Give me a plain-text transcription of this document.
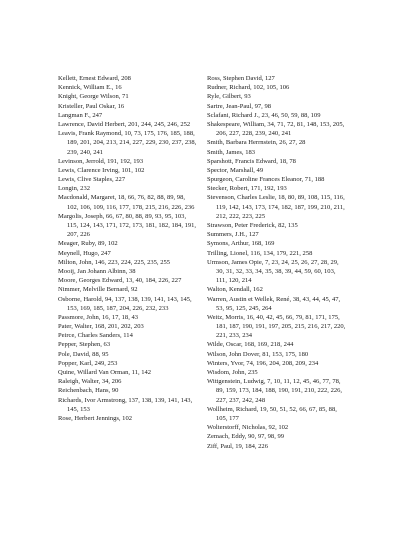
Kellett, Ernest Edward, 208
Kennick, William E., 16
Knight, George Wilson, 71
Kristeller, Paul Oskar, 16
Langman F., 247
Lawrence, David Herbert, 201, 244, 245, 246, 252
Leavis, Frank Raymond, 10, 73, 175, 176, 185, 188, 189, 201, 204, 213, 214, 227, 229, 230, 237, 238, 239, 240, 241
Levinson, Jerrold, 191, 192, 193
Lewis, Clarence Irving, 101, 102
Lewis, Clive Staples, 227
Longin, 232
Macdonald, Margaret, 18, 66, 76, 82, 88, 89, 98, 102, 106, 109, 116, 177, 178, 215, 216, 226, 236
Margolis, Joseph, 66, 67, 80, 88, 89, 93, 95, 103, 115, 124, 143, 171, 172, 173, 181, 182, 184, 191, 207, 226
Meager, Ruby, 89, 102
Meynell, Hugo, 247
Milton, John, 146, 223, 224, 225, 235, 255
Mooij, Jan Johann Albinn, 38
Moore, Georges Edward, 13, 40, 184, 226, 227
Nimmer, Melville Bernard, 92
Osborne, Harold, 94, 137, 138, 139, 141, 143, 145, 153, 169, 185, 187, 204, 226, 232, 233
Passmore, John, 16, 17, 18, 43
Pater, Walter, 168, 201, 202, 203
Peirce, Charles Sanders, 114
Pepper, Stephen, 63
Pole, David, 88, 95
Popper, Karl, 249, 253
Quine, Willard Van Orman, 11, 142
Raleigh, Walter, 34, 206
Reichenbach, Hans, 90
Richards, Ivor Armstrong, 137, 138, 139, 141, 143, 145, 153
Rose, Herbert Jennings, 102
Ross, Stephen David, 127
Rudner, Richard, 102, 105, 106
Ryle, Gilbert, 93
Sartre, Jean-Paul, 97, 98
Sclafani, Richard J., 23, 46, 50, 59, 88, 109
Shakespeare, William, 34, 71, 72, 81, 148, 153, 205, 206, 227, 228, 239, 240, 241
Smith, Barbara Herrnstein, 26, 27, 28
Smith, James, 183
Sparshott, Francis Edward, 18, 78
Spector, Marshall, 49
Spurgeon, Caroline Frances Eleanor, 71, 188
Stecker, Robert, 171, 192, 193
Stevenson, Charles Leslie, 18, 80, 89, 108, 115, 116, 119, 142, 143, 173, 174, 182, 187, 199, 210, 211, 212, 222, 223, 225
Strawson, Peter Frederick, 82, 135
Summers, J.H., 127
Symons, Arthur, 168, 169
Trilling, Lionel, 116, 134, 179, 221, 258
Urmson, James Opie, 7, 23, 24, 25, 26, 27, 28, 29, 30, 31, 32, 33, 34, 35, 38, 39, 44, 59, 60, 103, 111, 120, 214
Walton, Kendall, 162
Warren, Austin et Wellek, René, 38, 43, 44, 45, 47, 53, 95, 125, 245, 264
Weitz, Morris, 16, 40, 42, 45, 66, 79, 81, 171, 175, 181, 187, 190, 191, 197, 205, 215, 216, 217, 220, 221, 233, 234
Wilde, Oscar, 168, 169, 218, 244
Wilson, John Dover, 81, 153, 175, 180
Winters, Yvor, 74, 196, 204, 208, 209, 234
Wisdom, John, 235
Wittgenstein, Ludwig, 7, 10, 11, 12, 45, 46, 77, 78, 89, 159, 173, 184, 188, 190, 191, 210, 222, 226, 227, 237, 242, 248
Wollheim, Richard, 19, 50, 51, 52, 66, 67, 85, 88, 105, 177
Wolterstorff, Nicholas, 92, 102
Zemach, Eddy, 90, 97, 98, 99
Ziff, Paul, 19, 184, 226
